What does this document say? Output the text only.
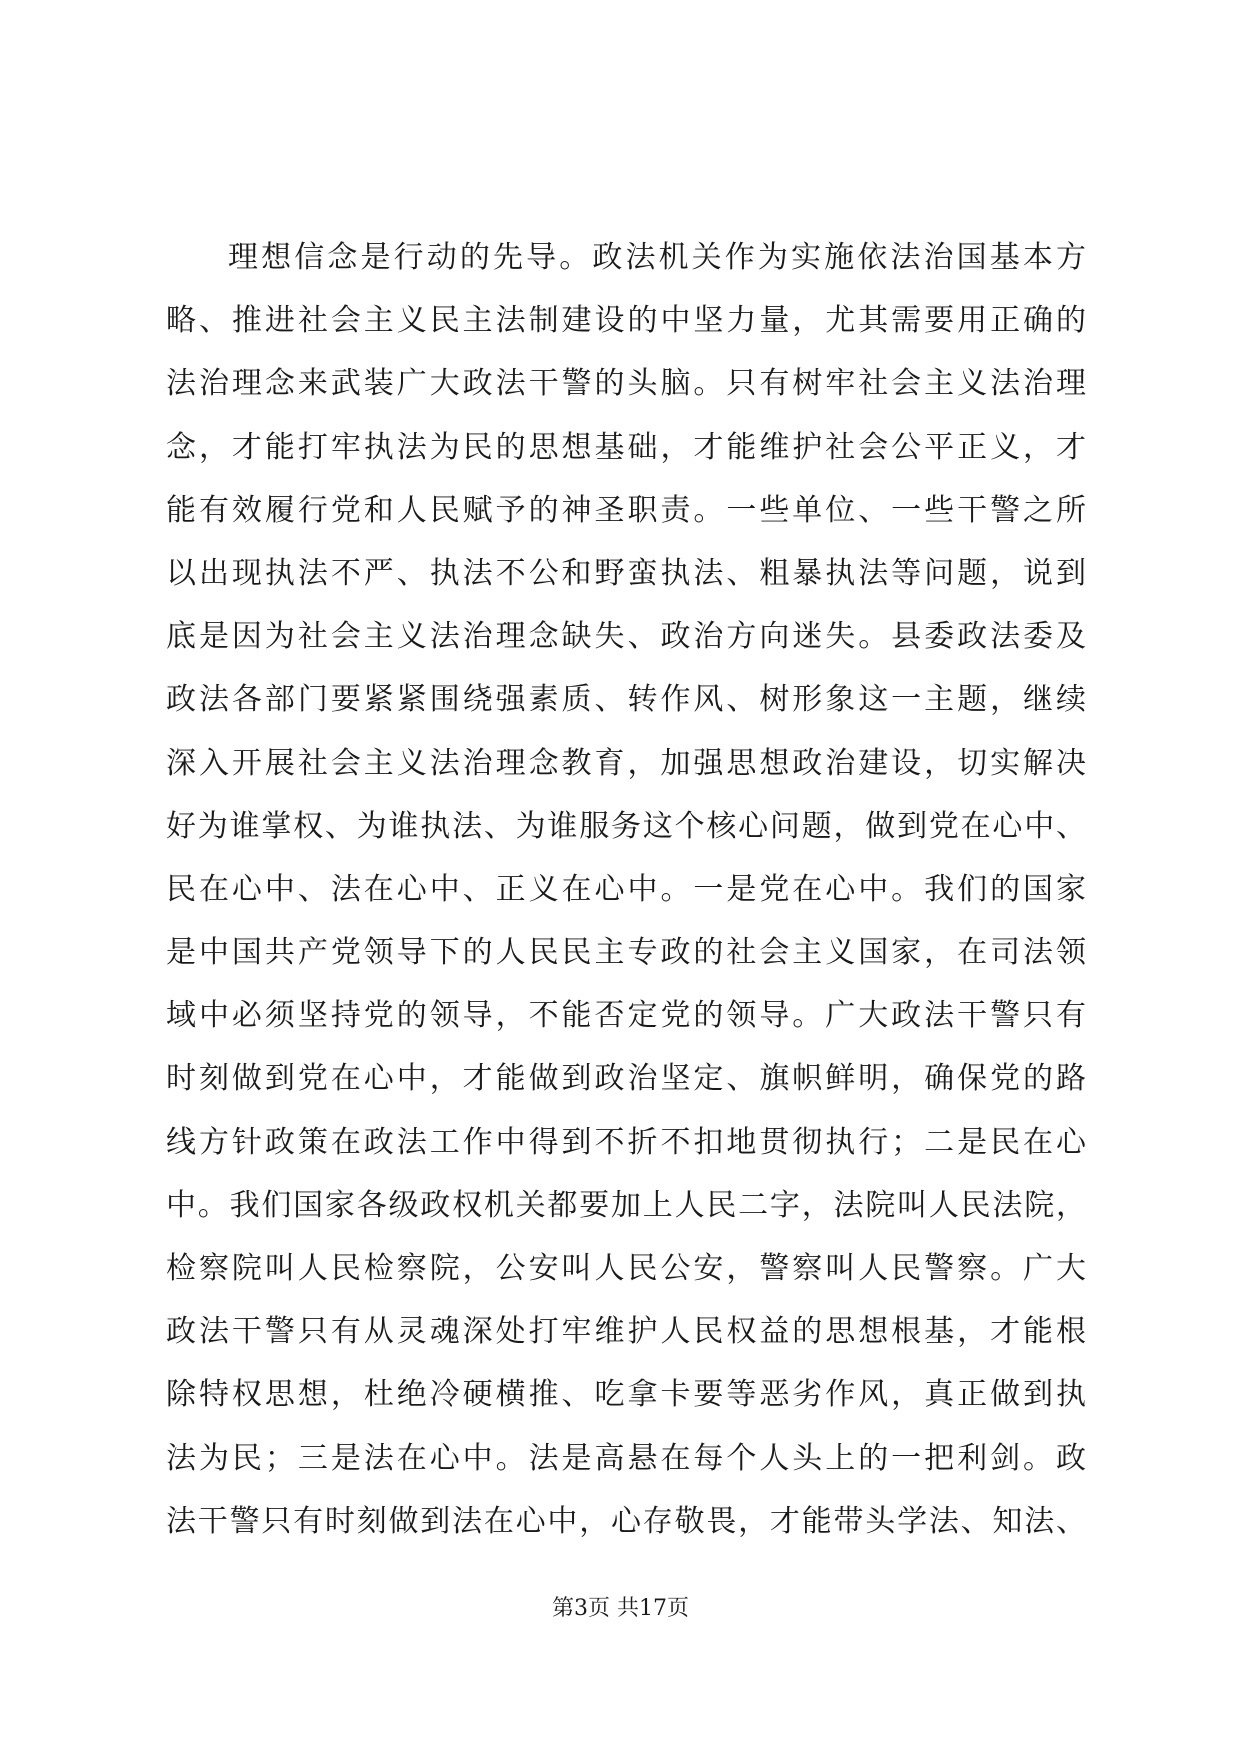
理想信念是行动的先导。政法机关作为实施依法治国基本方
略、推进社会主义民主法制建设的中坚力量，尤其需要用正确的
法治理念来武装广大政法干警的头脑。只有树牢社会主义法治理
念，才能打牢执法为民的思想基础，才能维护社会公平正义，才
能有效履行党和人民赋予的神圣职责。一些单位、一些干警之所
以出现执法不严、执法不公和野蛮执法、粗暴执法等问题，说到
底是因为社会主义法治理念缺失、政治方向迷失。县委政法委及
政法各部门要紧紧围绕强素质、转作风、树形象这一主题，继续
深入开展社会主义法治理念教育，加强思想政治建设，切实解决
好为谁掌权、为谁执法、为谁服务这个核心问题，做到党在心中、
民在心中、法在心中、正义在心中。一是党在心中。我们的国家
是中国共产党领导下的人民民主专政的社会主义国家，在司法领
域中必须坚持党的领导，不能否定党的领导。广大政法干警只有
时刻做到党在心中，才能做到政治坚定、旗帜鲜明，确保党的路
线方针政策在政法工作中得到不折不扣地贯彻执行；二是民在心
中。我们国家各级政权机关都要加上人民二字，法院叫人民法院，
检察院叫人民检察院，公安叫人民公安，警察叫人民警察。广大
政法干警只有从灵魂深处打牢维护人民权益的思想根基，才能根
除特权思想，杜绝冷硬横推、吃拿卡要等恶劣作风，真正做到执
法为民；三是法在心中。法是高悬在每个人头上的一把利剑。政
法干警只有时刻做到法在心中，心存敬畏，才能带头学法、知法、
第3页 共17页
